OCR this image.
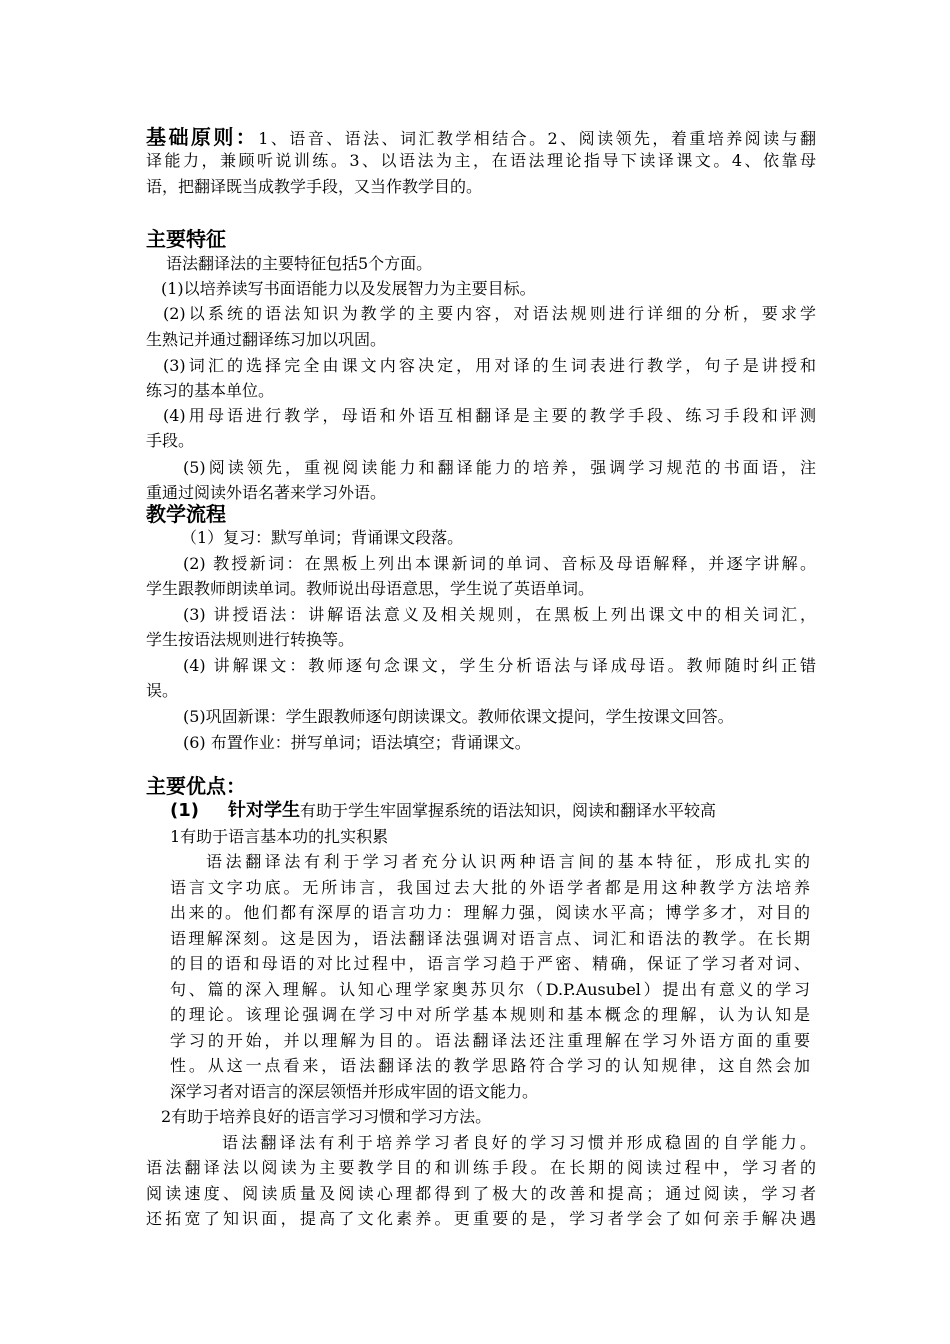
基础原则：1、语音、语法、词汇教学相结合。2、阅读领先，着重培养阅读与翻
译能力，兼顾听说训练。3、以语法为主，在语法理论指导下读译课文。4、依靠母
语，把翻译既当成教学手段，又当作教学目的。
主要特征
语法翻译法的主要特征包括5个方面。
(1)以培养读写书面语能力以及发展智力为主要目标。
(2)以系统的语法知识为教学的主要内容，对语法规则进行详细的分析，要求学
生熟记并通过翻译练习加以巩固。
(3)词汇的选择完全由课文内容决定，用对译的生词表进行教学，句子是讲授和
练习的基本单位。
(4)用母语进行教学，母语和外语互相翻译是主要的教学手段、练习手段和评测
手段。
(5)阅读领先，重视阅读能力和翻译能力的培养，强调学习规范的书面语，注
重通过阅读外语名著来学习外语。
教学流程
（1）复习：默写单词；背诵课文段落。
(2) 教授新词：在黑板上列出本课新词的单词、音标及母语解释，并逐字讲解。
学生跟教师朗读单词。教师说出母语意思，学生说了英语单词。
(3) 讲授语法：讲解语法意义及相关规则，在黑板上列出课文中的相关词汇，
学生按语法规则进行转换等。
(4) 讲解课文：教师逐句念课文，学生分析语法与译成母语。教师随时纠正错
误。
(5)巩固新课：学生跟教师逐句朗读课文。教师依课文提问，学生按课文回答。
(6) 布置作业：拼写单词；语法填空；背诵课文。
主要优点：
(1) 针对学生有助于学生牢固掌握系统的语法知识，阅读和翻译水平较高
1有助于语言基本功的扎实积累
语法翻译法有利于学习者充分认识两种语言间的基本特征，形成扎实的
语言文字功底。无所讳言，我国过去大批的外语学者都是用这种教学方法培养
出来的。他们都有深厚的语言功力：理解力强，阅读水平高；博学多才，对目的
语理解深刻。这是因为，语法翻译法强调对语言点、词汇和语法的教学。在长期
的目的语和母语的对比过程中，语言学习趋于严密、精确，保证了学习者对词、
句、篇的深入理解。认知心理学家奥苏贝尔（D.P.Ausubel）提出有意义的学习
的理论。该理论强调在学习中对所学基本规则和基本概念的理解，认为认知是
学习的开始，并以理解为目的。语法翻译法还注重理解在学习外语方面的重要
性。从这一点看来，语法翻译法的教学思路符合学习的认知规律，这自然会加
深学习者对语言的深层领悟并形成牢固的语文能力。
2有助于培养良好的语言学习习惯和学习方法。
语法翻译法有利于培养学习者良好的学习习惯并形成稳固的自学能力。
语法翻译法以阅读为主要教学目的和训练手段。在长期的阅读过程中，学习者的
阅读速度、阅读质量及阅读心理都得到了极大的改善和提高；通过阅读，学习者
还拓宽了知识面，提高了文化素养。更重要的是，学习者学会了如何亲手解决遇
